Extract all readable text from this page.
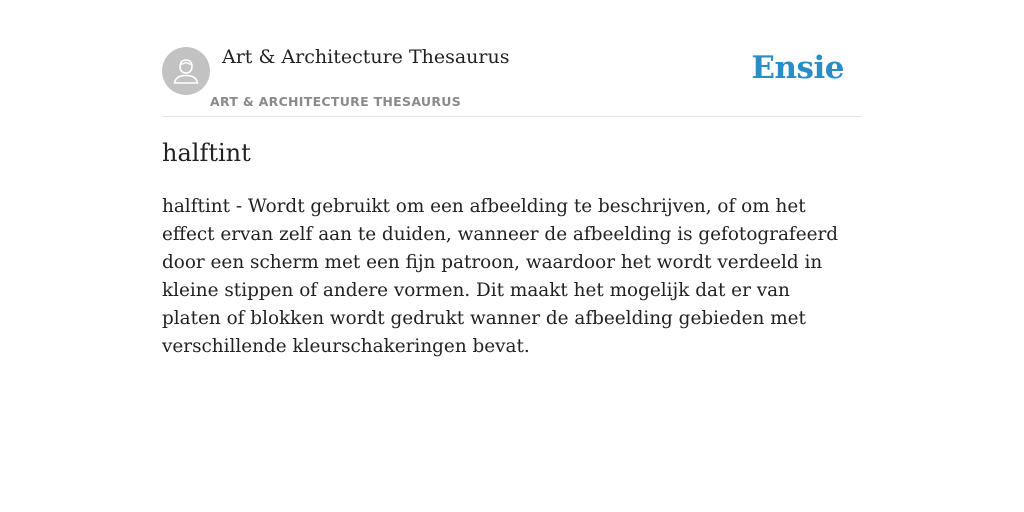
Art & Architecture Thesaurus
ART & ARCHITECTURE THESAURUS
Ensie
halftint

halftint - Wordt gebruikt om een afbeelding te beschrijven, of om het effect ervan zelf aan te duiden, wanneer de afbeelding is gefotografeerd door een scherm met een fijn patroon, waardoor het wordt verdeeld in kleine stippen of andere vormen. Dit maakt het mogelijk dat er van platen of blokken wordt gedrukt wanner de afbeelding gebieden met verschillende kleurschakeringen bevat.
